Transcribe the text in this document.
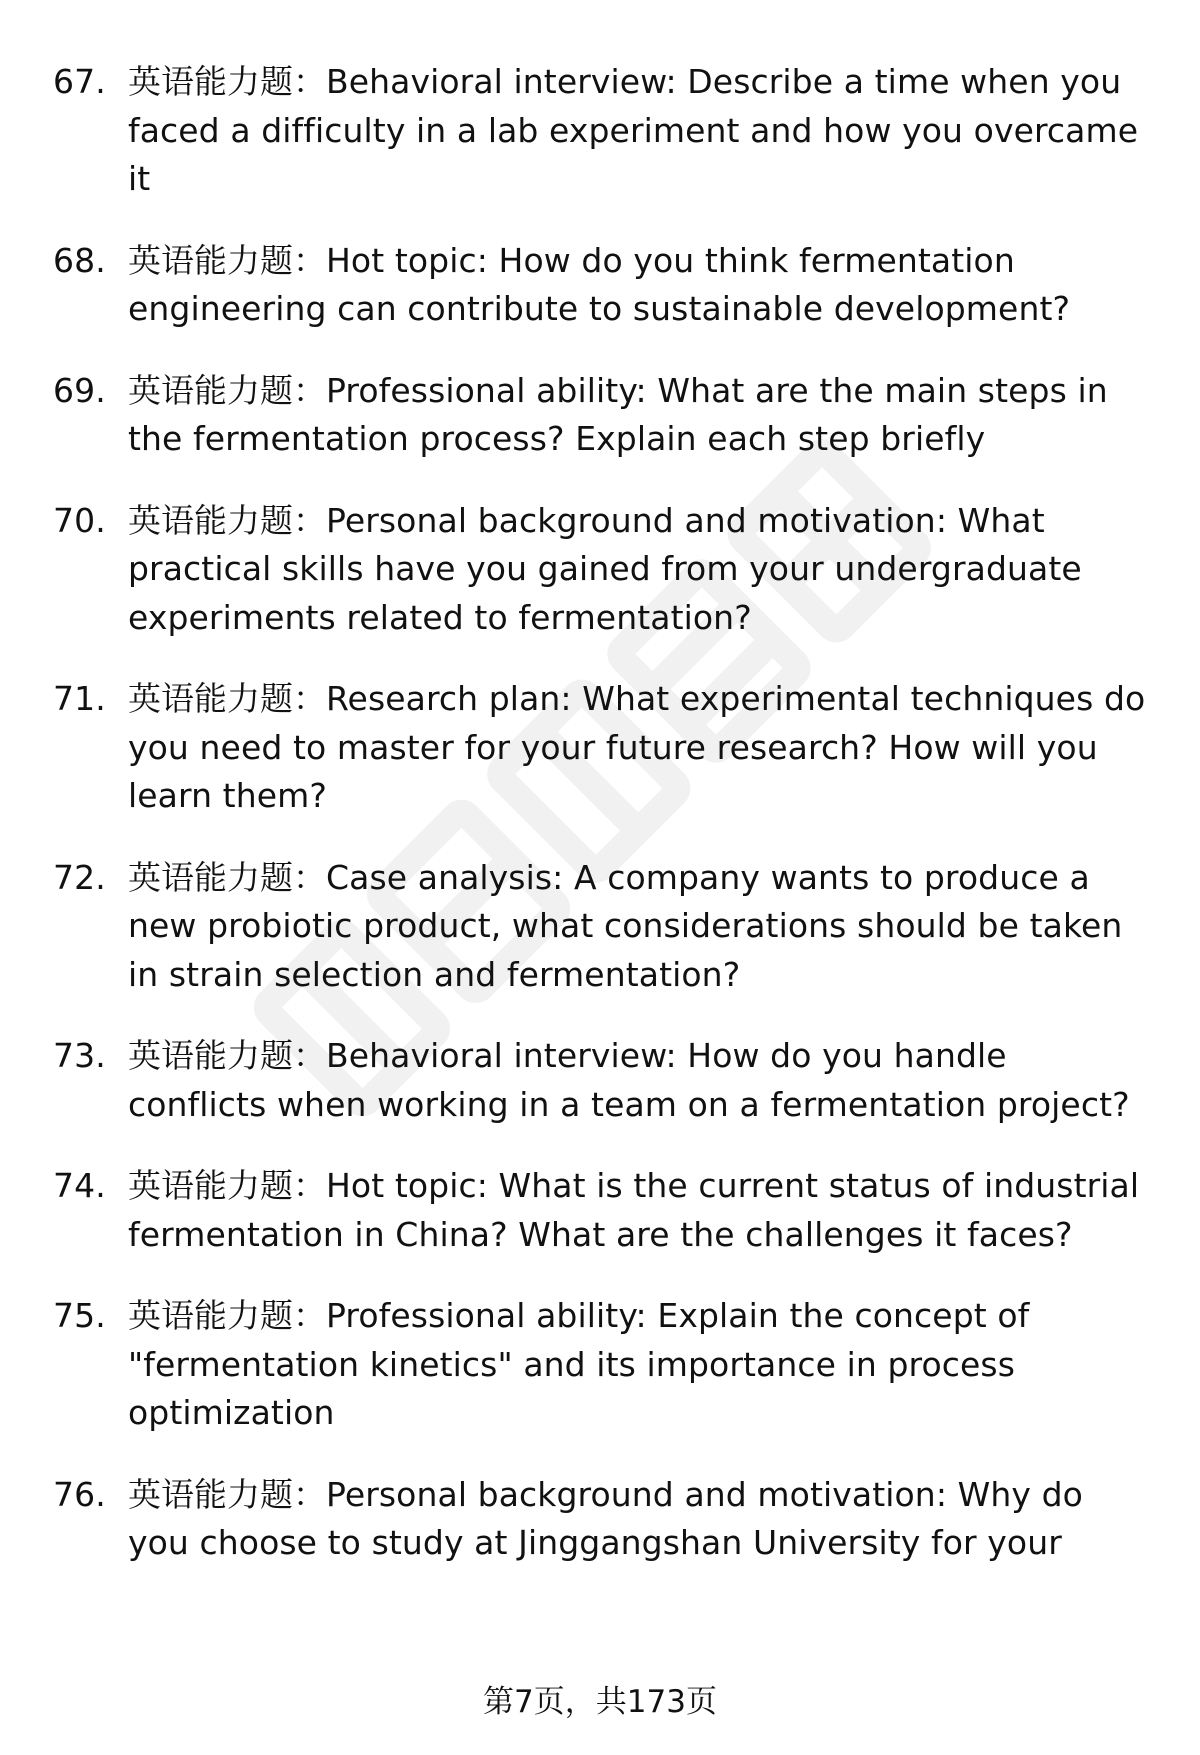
67. 英语能力题：Behavioral interview: Describe a time when you faced a difficulty in a lab experiment and how you overcame it
68. 英语能力题：Hot topic: How do you think fermentation engineering can contribute to sustainable development?
69. 英语能力题：Professional ability: What are the main steps in the fermentation process? Explain each step briefly
70. 英语能力题：Personal background and motivation: What practical skills have you gained from your undergraduate experiments related to fermentation?
71. 英语能力题：Research plan: What experimental techniques do you need to master for your future research? How will you learn them?
72. 英语能力题：Case analysis: A company wants to produce a new probiotic product, what considerations should be taken in strain selection and fermentation?
73. 英语能力题：Behavioral interview: How do you handle conflicts when working in a team on a fermentation project?
74. 英语能力题：Hot topic: What is the current status of industrial fermentation in China? What are the challenges it faces?
75. 英语能力题：Professional ability: Explain the concept of "fermentation kinetics" and its importance in process optimization
76. 英语能力题：Personal background and motivation: Why do you choose to study at Jinggangshan University for your
第7页，共173页
